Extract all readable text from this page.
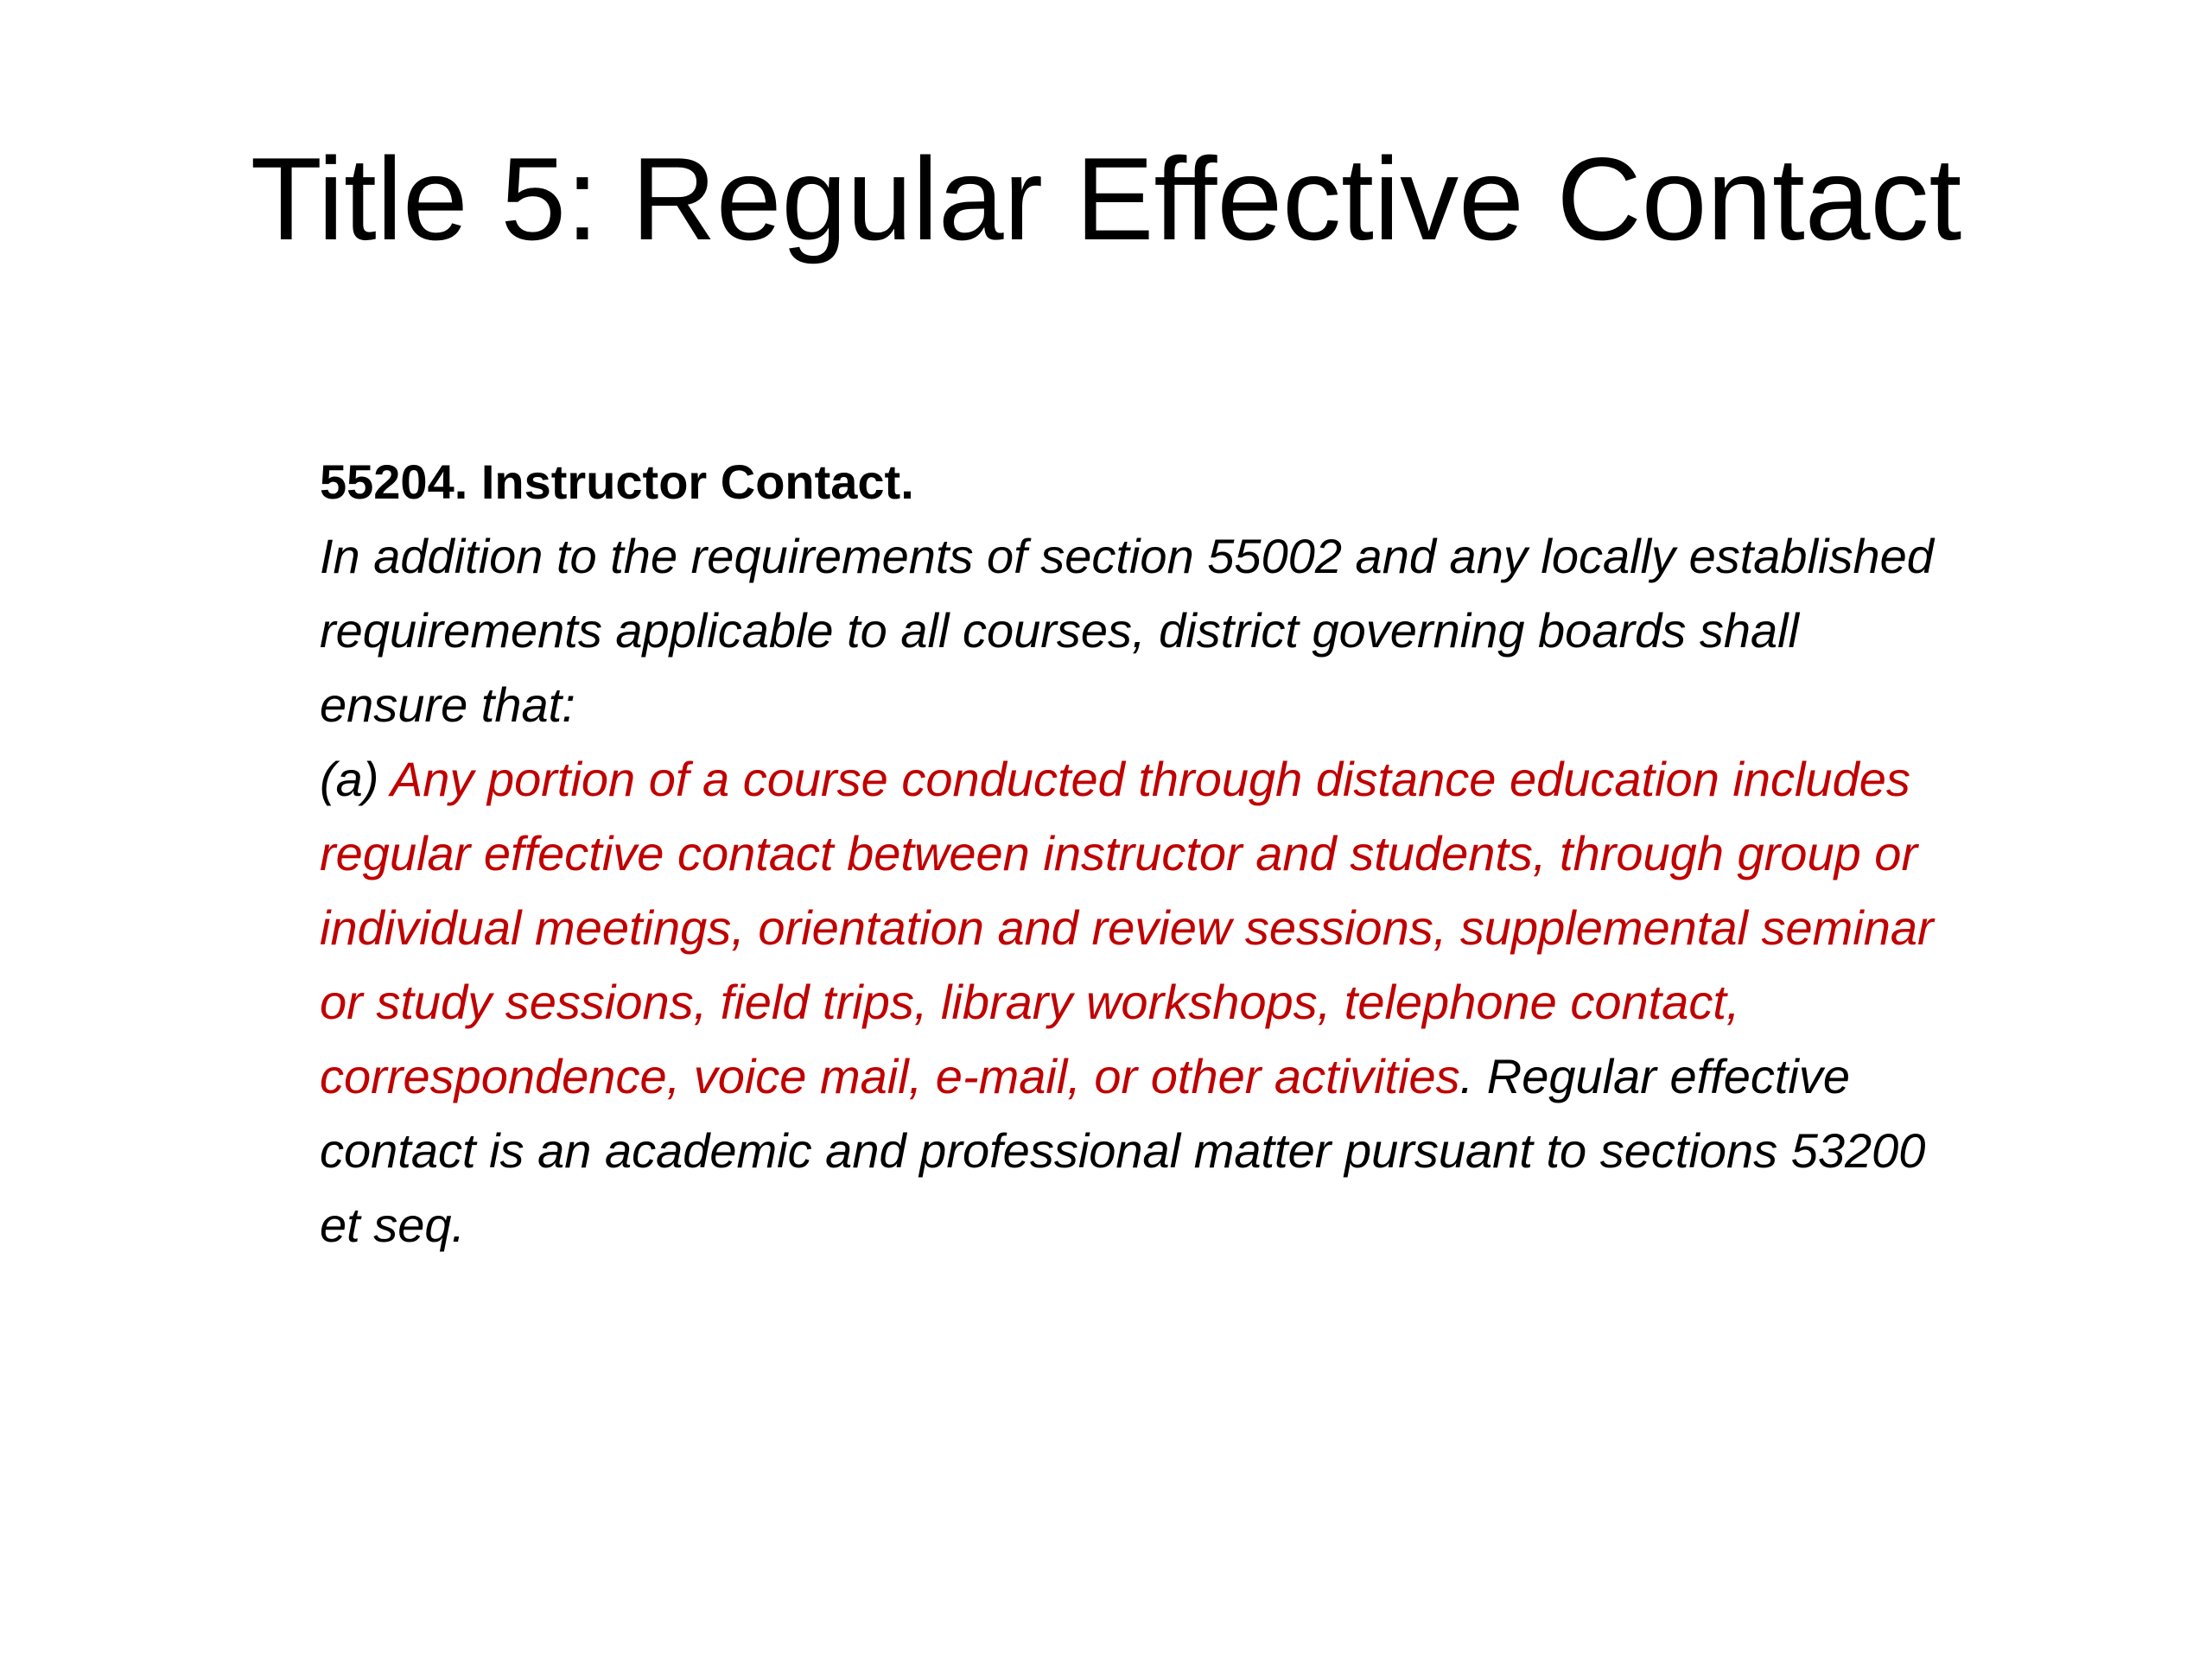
Title 5: Regular Effective Contact
55204. Instructor Contact.
In addition to the requirements of section 55002 and any locally established requirements applicable to all courses, district governing boards shall ensure that:
(a) Any portion of a course conducted through distance education includes regular effective contact between instructor and students, through group or individual meetings, orientation and review sessions, supplemental seminar or study sessions, field trips, library workshops, telephone contact, correspondence, voice mail, e-mail, or other activities. Regular effective contact is an academic and professional matter pursuant to sections 53200 et seq.
